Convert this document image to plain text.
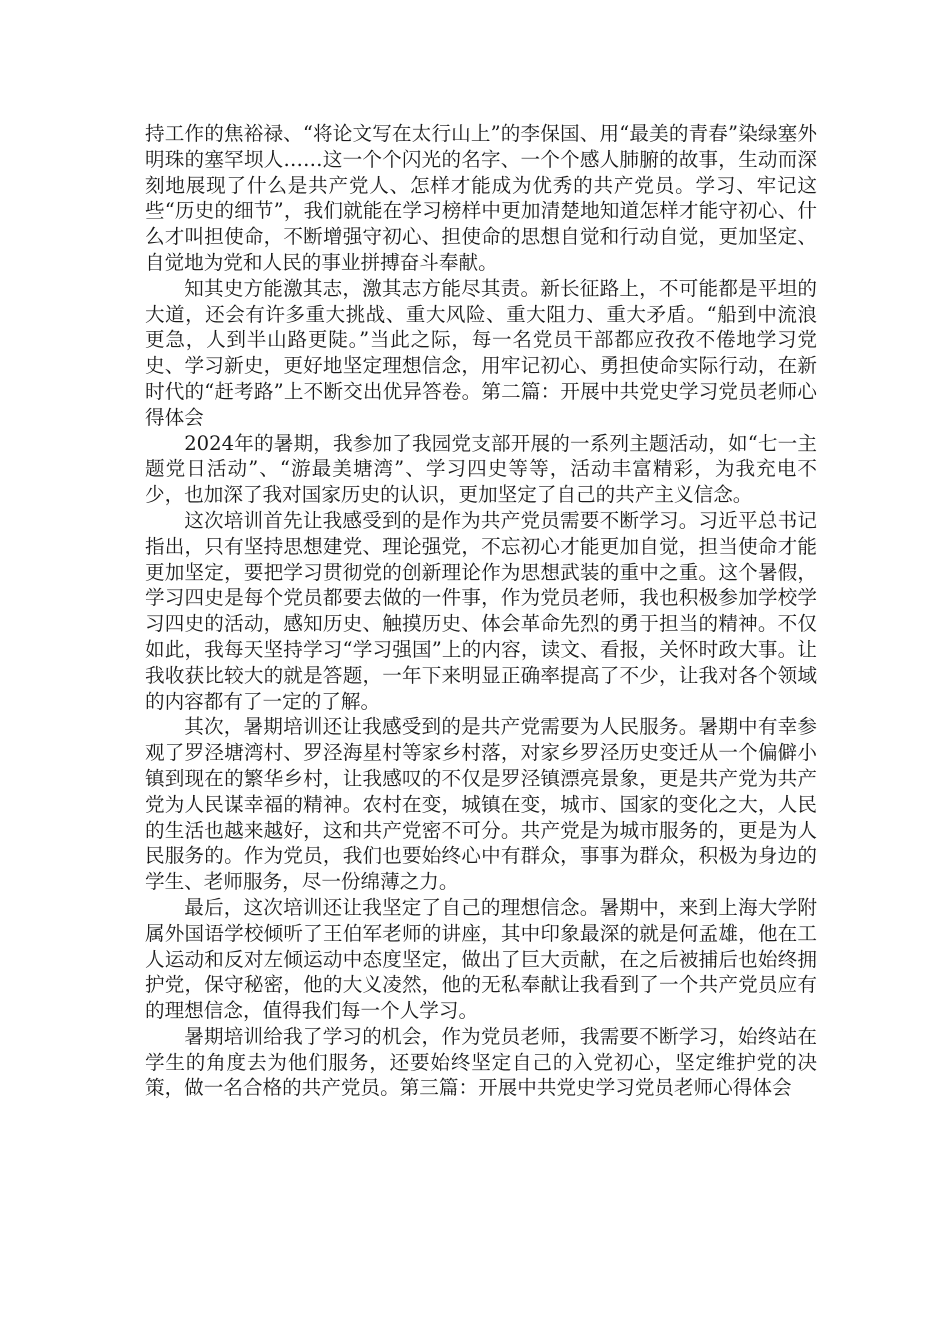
持工作的焦裕禄、“将论文写在太行山上”的李保国、用“最美的青春”染绿塞外明珠的塞罕坝人……这一个个闪光的名字、一个个感人肺腑的故事，生动而深刻地展现了什么是共产党人、怎样才能成为优秀的共产党员。学习、牢记这些“历史的细节”，我们就能在学习榜样中更加清楚地知道怎样才能守初心、什么才叫担使命，不断增强守初心、担使命的思想自觉和行动自觉，更加坚定、自觉地为党和人民的事业拼搏奋斗奉献。

知其史方能激其志，激其志方能尽其责。新长征路上，不可能都是平坦的大道，还会有许多重大挑战、重大风险、重大阻力、重大矛盾。“船到中流浪更急，人到半山路更陡。”当此之际，每一名党员干部都应孜孜不倦地学习党史、学习新史，更好地坚定理想信念，用牢记初心、勇担使命实际行动，在新时代的“赶考路”上不断交出优异答卷。第二篇：开展中共党史学习党员老师心得体会

2024年的暑期，我参加了我园党支部开展的一系列主题活动，如“七一主题党日活动”、“游最美塘湾”、学习四史等等，活动丰富精彩，为我充电不少，也加深了我对国家历史的认识，更加坚定了自己的共产主义信念。

这次培训首先让我感受到的是作为共产党员需要不断学习。习近平总书记指出，只有坚持思想建党、理论强党，不忘初心才能更加自觉，担当使命才能更加坚定，要把学习贯彻党的创新理论作为思想武装的重中之重。这个暑假，学习四史是每个党员都要去做的一件事，作为党员老师，我也积极参加学校学习四史的活动，感知历史、触摸历史、体会革命先烈的勇于担当的精神。不仅如此，我每天坚持学习“学习强国”上的内容，读文、看报，关怀时政大事。让我收获比较大的就是答题，一年下来明显正确率提高了不少，让我对各个领域的内容都有了一定的了解。

其次，暑期培训还让我感受到的是共产党需要为人民服务。暑期中有幸参观了罗泾塘湾村、罗泾海星村等家乡村落，对家乡罗泾历史变迁从一个偏僻小镇到现在的繁华乡村，让我感叹的不仅是罗泾镇漂亮景象，更是共产党为共产党为人民谋幸福的精神。农村在变，城镇在变，城市、国家的变化之大，人民的生活也越来越好，这和共产党密不可分。共产党是为城市服务的，更是为人民服务的。作为党员，我们也要始终心中有群众，事事为群众，积极为身边的学生、老师服务，尽一份绵薄之力。

最后，这次培训还让我坚定了自己的理想信念。暑期中，来到上海大学附属外国语学校倾听了王伯军老师的讲座，其中印象最深的就是何孟雄，他在工人运动和反对左倾运动中态度坚定，做出了巨大贡献，在之后被捕后也始终拥护党，保守秘密，他的大义凌然，他的无私奉献让我看到了一个共产党员应有的理想信念，值得我们每一个人学习。

暑期培训给我了学习的机会，作为党员老师，我需要不断学习，始终站在学生的角度去为他们服务，还要始终坚定自己的入党初心，坚定维护党的决策，做一名合格的共产党员。第三篇：开展中共党史学习党员老师心得体会
